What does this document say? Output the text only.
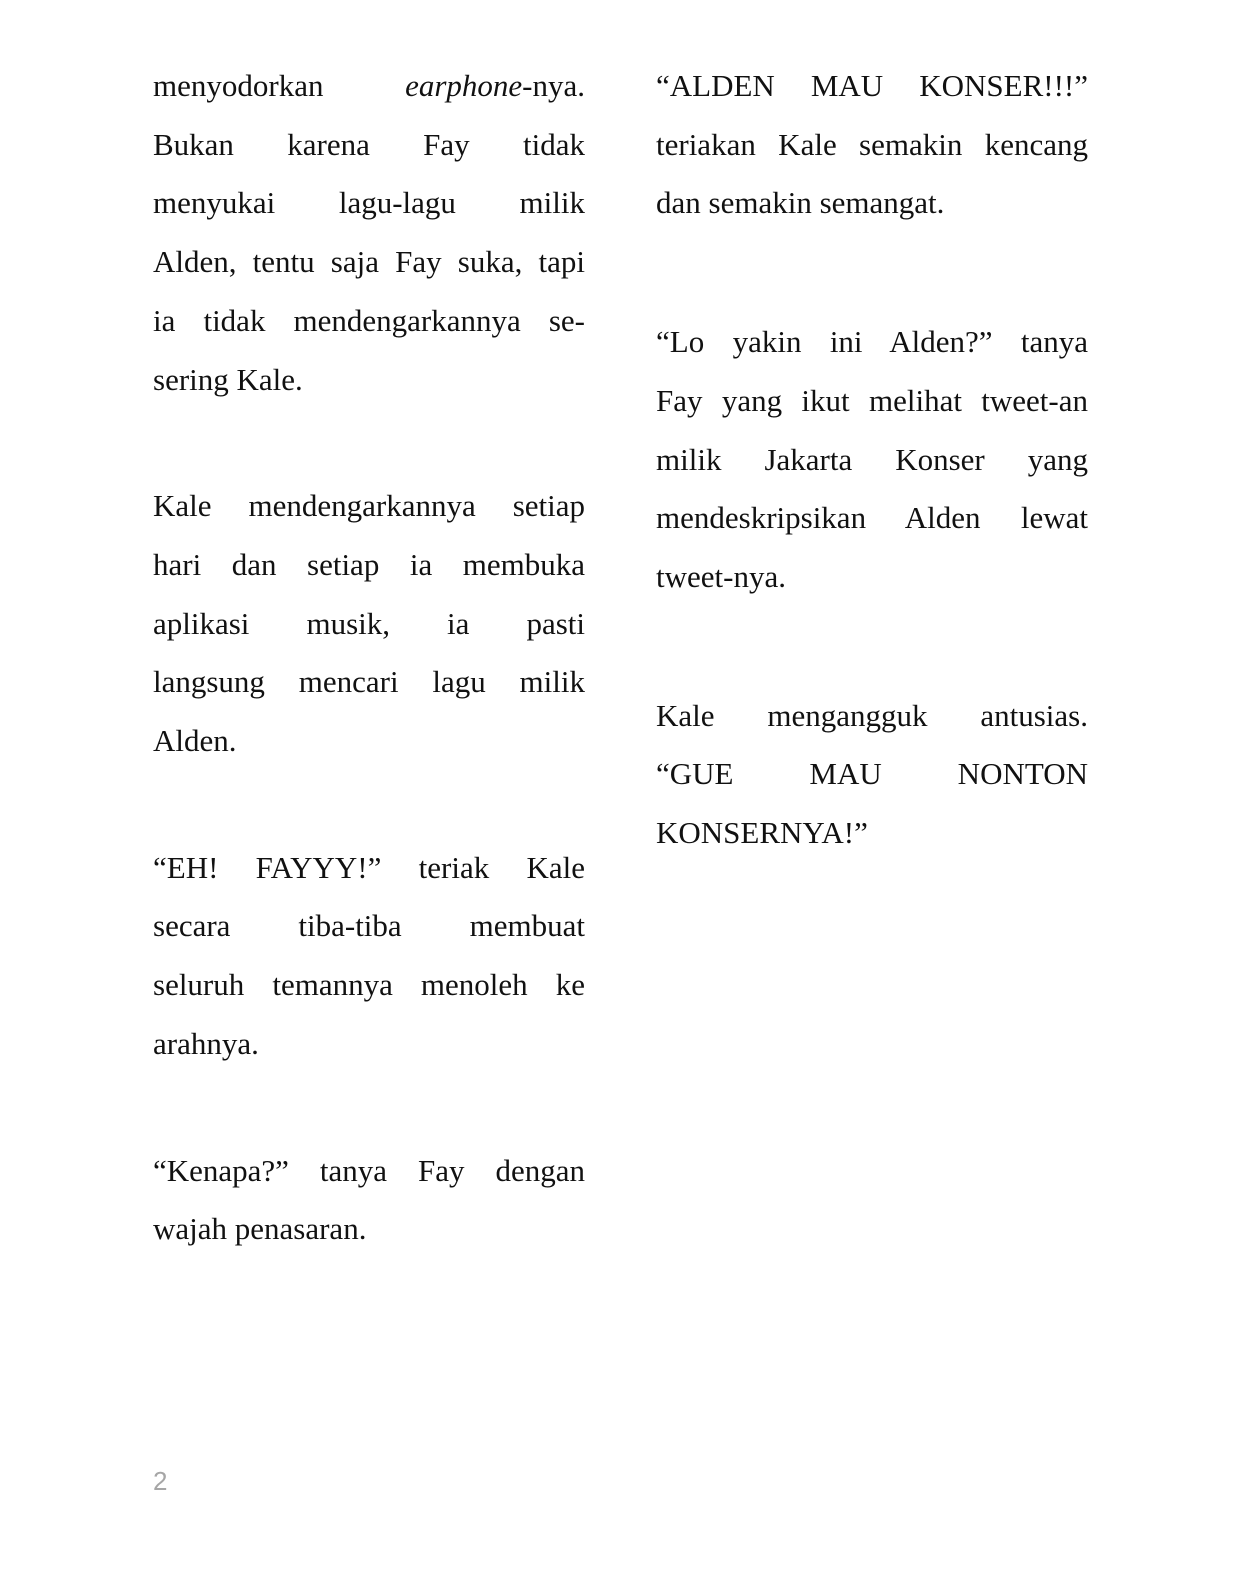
menyodorkan	earphone-nya.
Bukan karena Fay tidak
menyukai lagu-lagu milik
Alden, tentu saja Fay suka, tapi
ia tidak mendengarkannya se-
sering Kale.

Kale mendengarkannya setiap
hari dan setiap ia membuka
aplikasi musik, ia pasti
langsung mencari lagu milik
Alden.

“EH! FAYYY!” teriak Kale
secara tiba-tiba membuat
seluruh temannya menoleh ke
arahnya.

“Kenapa?” tanya Fay dengan
wajah penasaran.

“ALDEN MAU KONSER!!!”
teriakan Kale semakin kencang
dan semakin semangat.

“Lo yakin ini Alden?” tanya
Fay yang ikut melihat tweet-an
milik Jakarta Konser yang
mendeskripsikan Alden lewat
tweet-nya.

Kale mengangguk antusias.
“GUE MAU NONTON
KONSERNYA!”

2
